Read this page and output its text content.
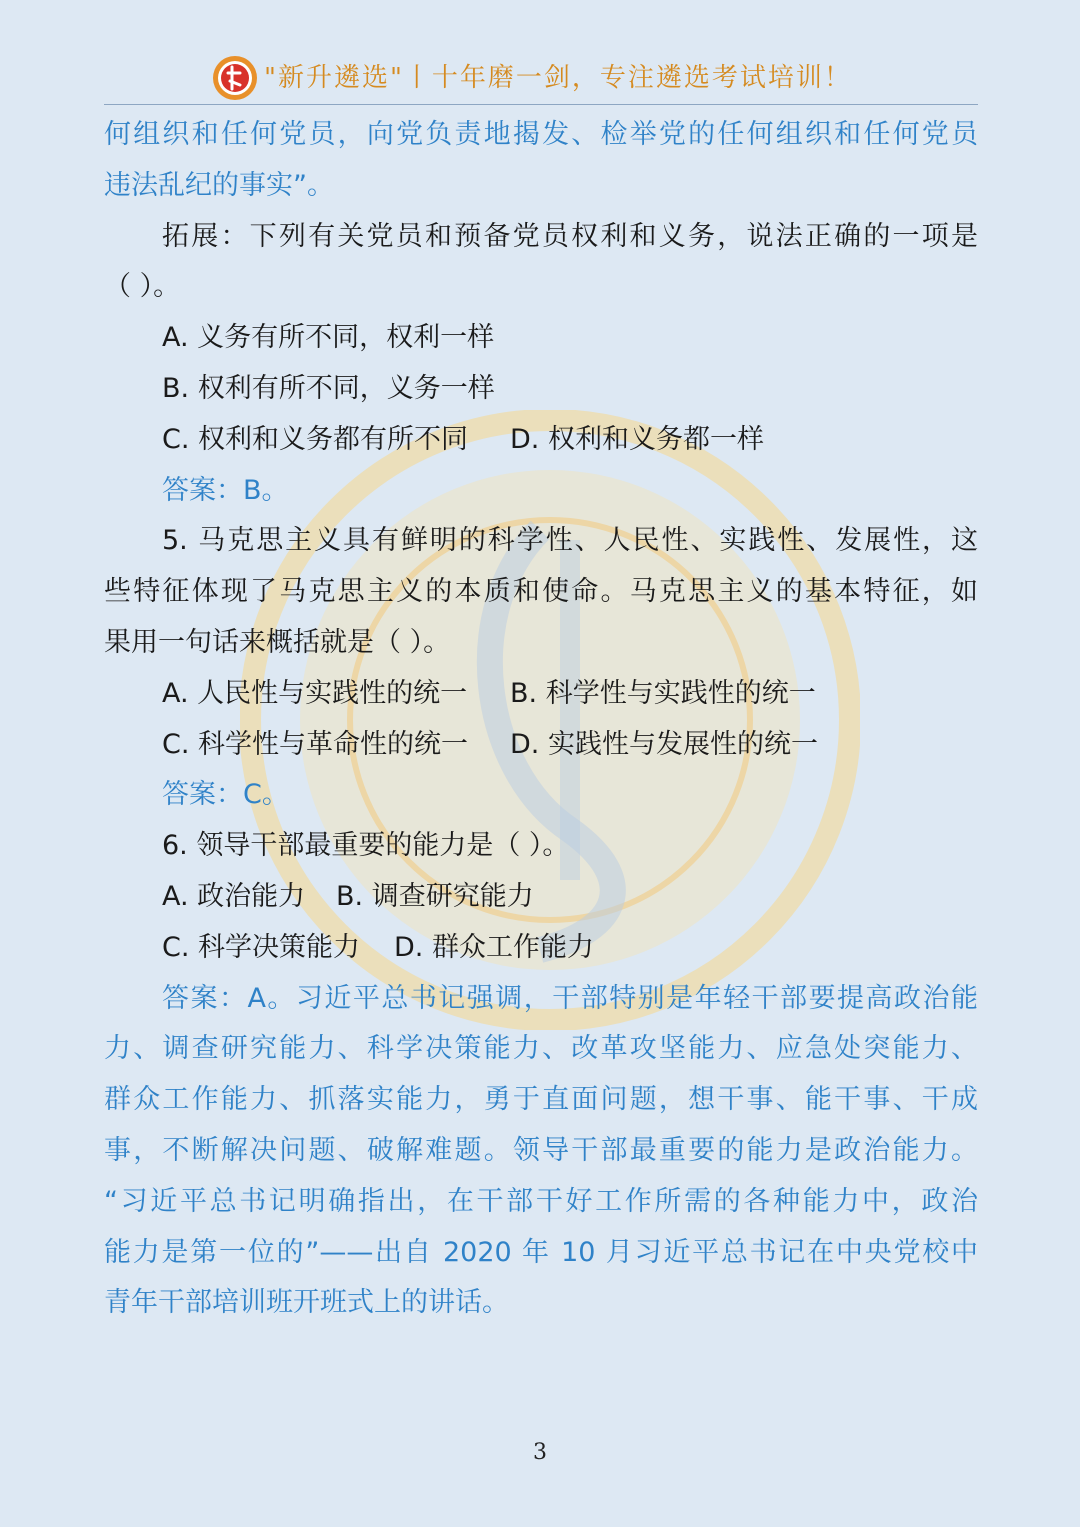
"新升遴选"丨十年磨一剑，专注遴选考试培训！
何组织和任何党员，向党负责地揭发、检举党的任何组织和任何党员
违法乱纪的事实”。
拓展：下列有关党员和预备党员权利和义务，说法正确的一项是
（ ）。
A. 义务有所不同，权利一样
B. 权利有所不同，义务一样
C. 权利和义务都有所不同 D. 权利和义务都一样
答案：B。
5. 马克思主义具有鲜明的科学性、人民性、实践性、发展性，这
些特征体现了马克思主义的本质和使命。马克思主义的基本特征，如
果用一句话来概括就是（ ）。
A. 人民性与实践性的统一 B. 科学性与实践性的统一
C. 科学性与革命性的统一 D. 实践性与发展性的统一
答案：C。
6. 领导干部最重要的能力是（ ）。
A. 政治能力 B. 调查研究能力
C. 科学决策能力 D. 群众工作能力
答案：A。习近平总书记强调，干部特别是年轻干部要提高政治能
力、调查研究能力、科学决策能力、改革攻坚能力、应急处突能力、
群众工作能力、抓落实能力，勇于直面问题，想干事、能干事、干成
事，不断解决问题、破解难题。领导干部最重要的能力是政治能力。
“习近平总书记明确指出，在干部干好工作所需的各种能力中，政治
能力是第一位的”——出自 2020 年 10 月习近平总书记在中央党校中
青年干部培训班开班式上的讲话。
3
